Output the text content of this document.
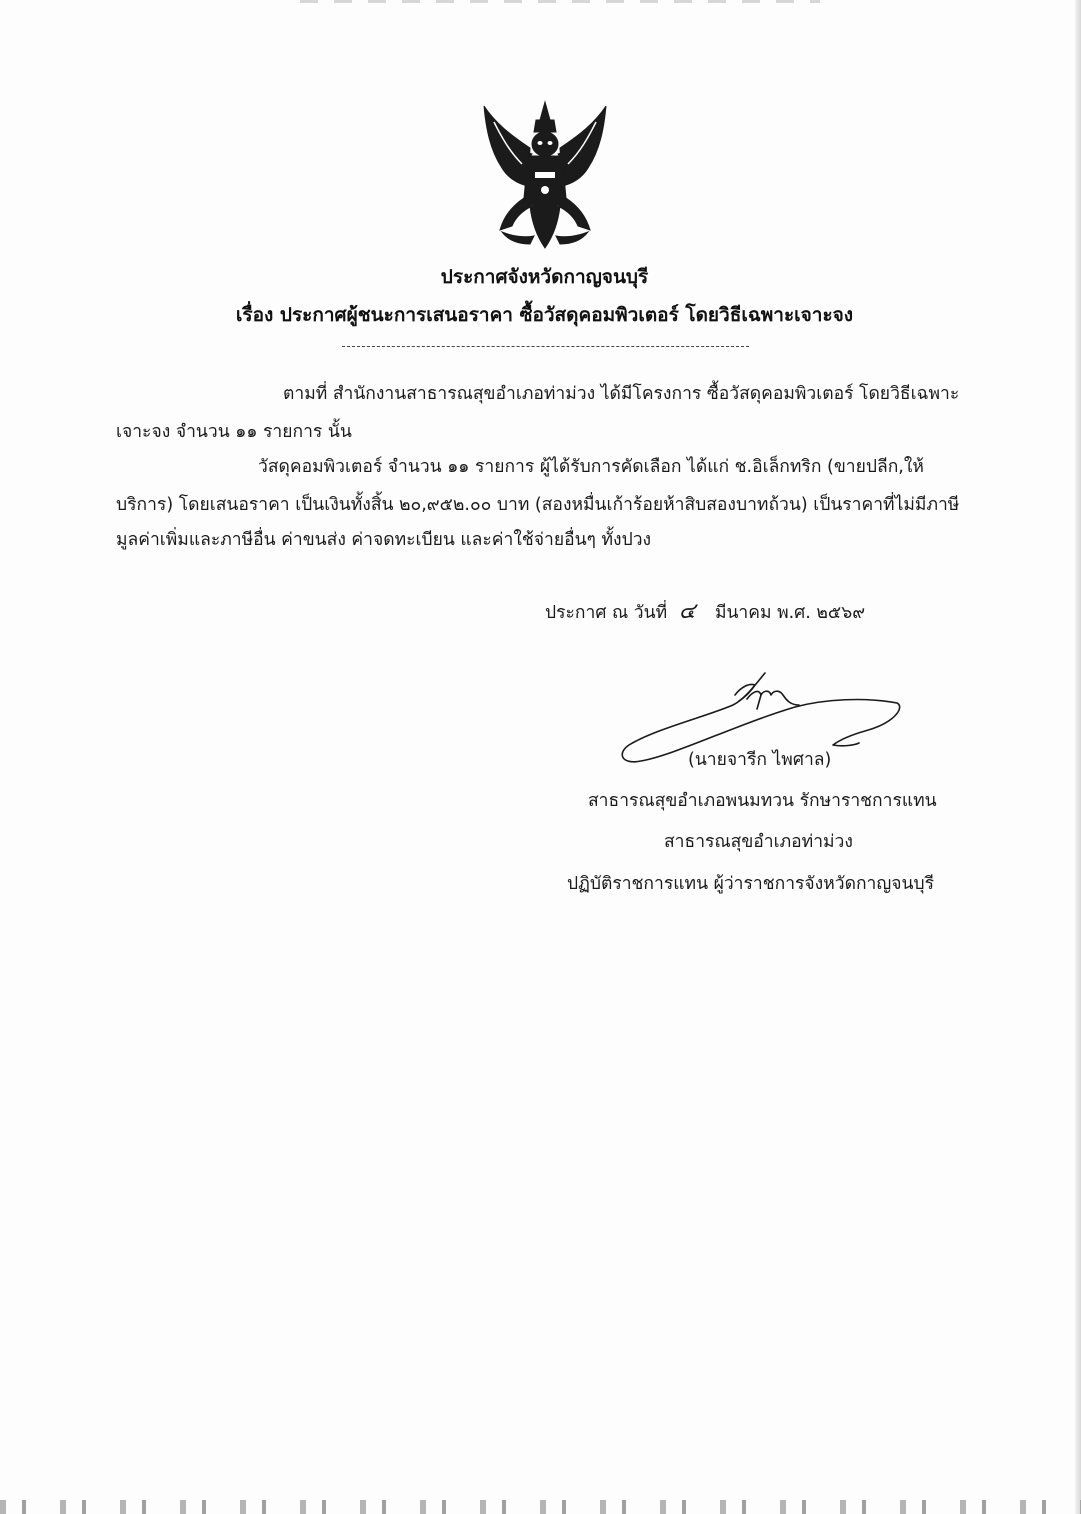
ประกาศจังหวัดกาญจนบุรี
เรื่อง ประกาศผู้ชนะการเสนอราคา ซื้อวัสดุคอมพิวเตอร์ โดยวิธีเฉพาะเจาะจง
ตามที่ สำนักงานสาธารณสุขอำเภอท่าม่วง ได้มีโครงการ ซื้อวัสดุคอมพิวเตอร์ โดยวิธีเฉพาะ
เจาะจง จำนวน ๑๑ รายการ นั้น
วัสดุคอมพิวเตอร์ จำนวน ๑๑ รายการ ผู้ได้รับการคัดเลือก ได้แก่ ช.อิเล็กทริก (ขายปลีก,ให้
บริการ) โดยเสนอราคา เป็นเงินทั้งสิ้น ๒๐,๙๕๒.๐๐ บาท (สองหมื่นเก้าร้อยห้าสิบสองบาทถ้วน) เป็นราคาที่ไม่มีภาษี
มูลค่าเพิ่มและภาษีอื่น ค่าขนส่ง ค่าจดทะเบียน และค่าใช้จ่ายอื่นๆ ทั้งปวง
ประกาศ ณ วันที่ ๔ มีนาคม พ.ศ. ๒๕๖๙
(นายจารีก ไพศาล)
สาธารณสุขอำเภอพนมทวน รักษาราชการแทน
สาธารณสุขอำเภอท่าม่วง
ปฏิบัติราชการแทน ผู้ว่าราชการจังหวัดกาญจนบุรี
